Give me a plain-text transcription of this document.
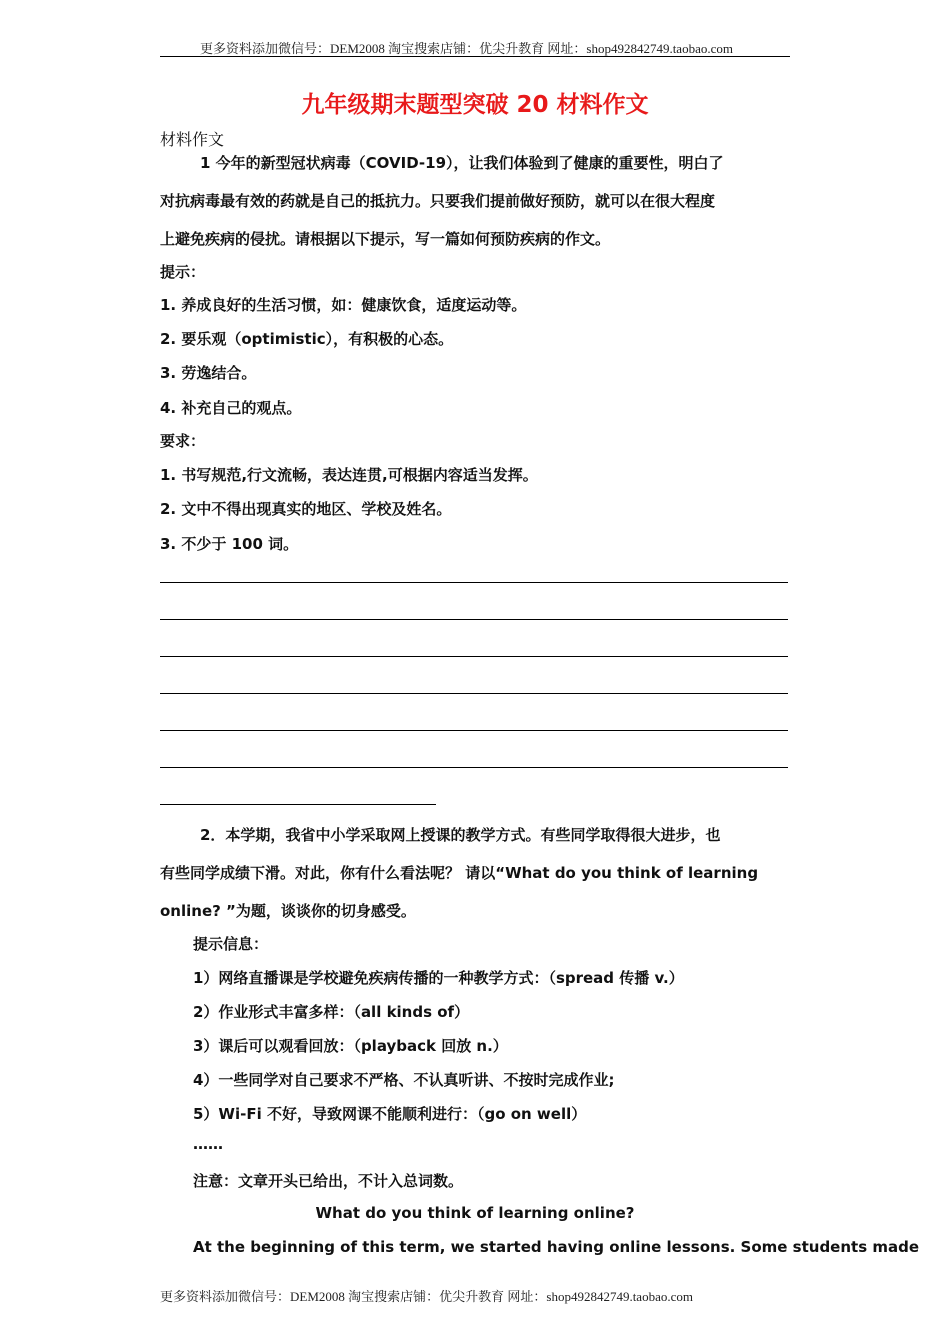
更多资料添加微信号：DEM2008 淘宝搜索店铺：优尖升教育 网址：shop492842749.taobao.com
九年级期末题型突破 20 材料作文
材料作文
1 今年的新型冠状病毒（COVID-19），让我们体验到了健康的重要性，明白了
对抗病毒最有效的药就是自己的抵抗力。只要我们提前做好预防，就可以在很大程度
上避免疾病的侵扰。请根据以下提示，写一篇如何预防疾病的作文。
提示：
1. 养成良好的生活习惯，如：健康饮食，适度运动等。
2. 要乐观（optimistic），有积极的心态。
3. 劳逸结合。
4. 补充自己的观点。
要求：
1. 书写规范,行文流畅，表达连贯,可根据内容适当发挥。
2. 文中不得出现真实的地区、学校及姓名。
3. 不少于 100 词。
2．本学期，我省中小学采取网上授课的教学方式。有些同学取得很大进步，也
有些同学成绩下滑。对此，你有什么看法呢？ 请以“What do you think of learning
online? ”为题，谈谈你的切身感受。
提示信息：
1）网络直播课是学校避免疾病传播的一种教学方式：（spread 传播 v.）
2）作业形式丰富多样：（all kinds of）
3）课后可以观看回放：（playback 回放 n.）
4）一些同学对自己要求不严格、不认真听讲、不按时完成作业;
5）Wi-Fi 不好，导致网课不能顺利进行：（go on well）
……
注意：文章开头已给出，不计入总词数。
What do you think of learning online?
At the beginning of this term, we started having online lessons. Some students made
更多资料添加微信号：DEM2008 淘宝搜索店铺：优尖升教育 网址：shop492842749.taobao.com
